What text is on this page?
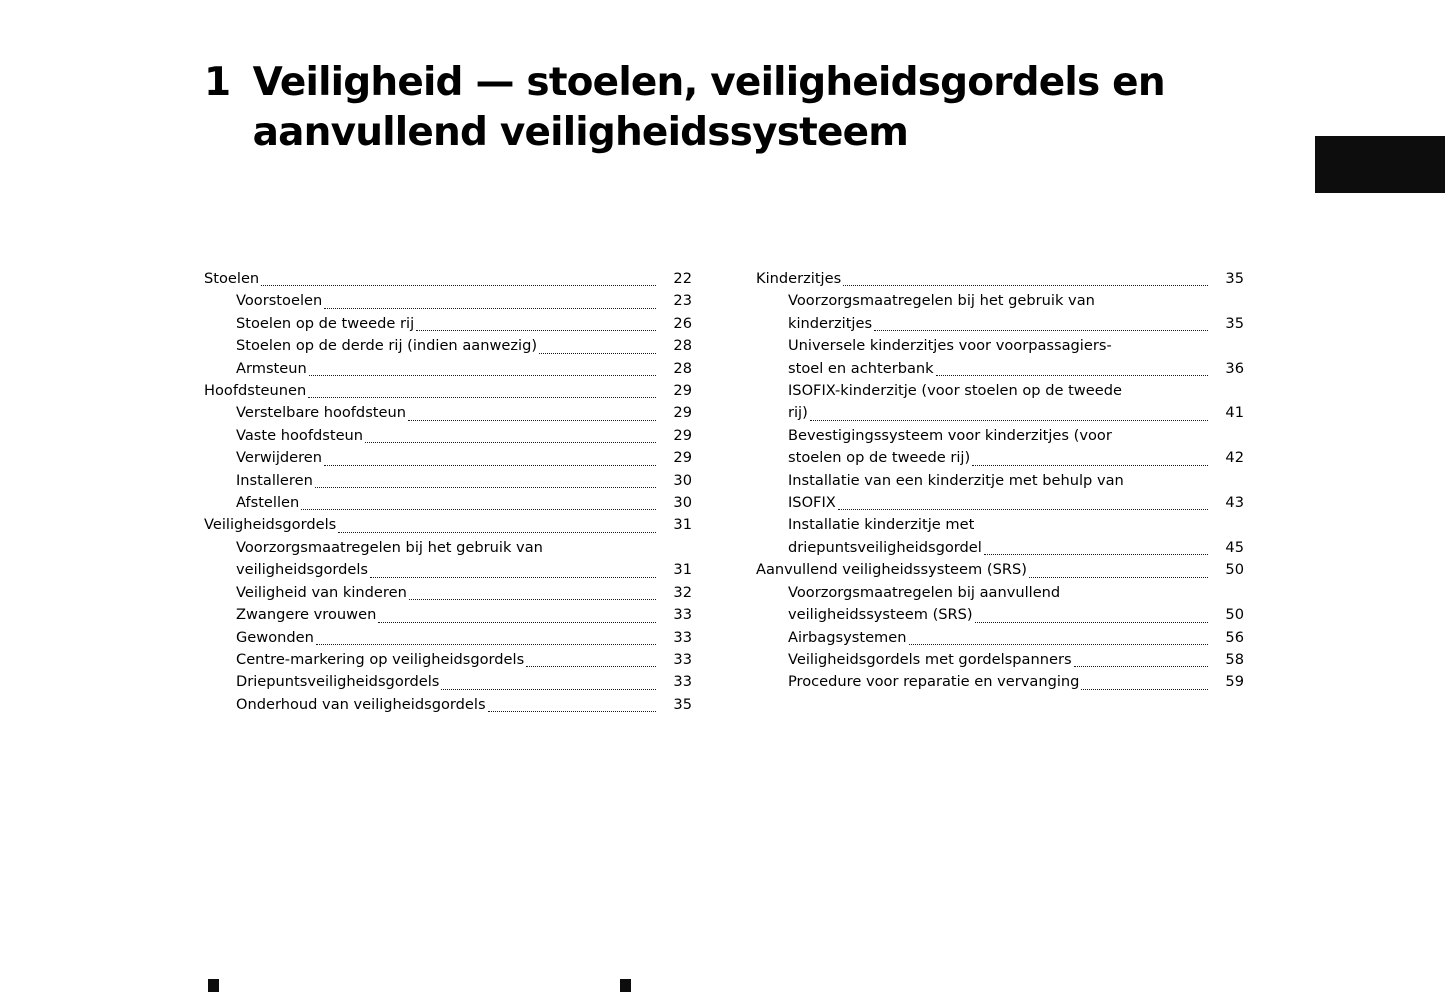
1 Veiligheid — stoelen, veiligheidsgordels en aanvullend veiligheidssysteem
Stoelen	22
Voorstoelen	23
Stoelen op de tweede rij	26
Stoelen op de derde rij (indien aanwezig)	28
Armsteun	28
Hoofdsteunen	29
Verstelbare hoofdsteun	29
Vaste hoofdsteun	29
Verwijderen	29
Installeren	30
Afstellen	30
Veiligheidsgordels	31
Voorzorgsmaatregelen bij het gebruik van
veiligheidsgordels	31
Veiligheid van kinderen	32
Zwangere vrouwen	33
Gewonden	33
Centre-markering op veiligheidsgordels	33
Driepuntsveiligheidsgordels	33
Onderhoud van veiligheidsgordels	35
Kinderzitjes	35
Voorzorgsmaatregelen bij het gebruik van
kinderzitjes	35
Universele kinderzitjes voor voorpassagiers-
stoel en achterbank	36
ISOFIX-kinderzitje (voor stoelen op de tweede
rij)	41
Bevestigingssysteem voor kinderzitjes (voor
stoelen op de tweede rij)	42
Installatie van een kinderzitje met behulp van
ISOFIX	43
Installatie kinderzitje met
driepuntsveiligheidsgordel	45
Aanvullend veiligheidssysteem (SRS)	50
Voorzorgsmaatregelen bij aanvullend
veiligheidssysteem (SRS)	50
Airbagsystemen	56
Veiligheidsgordels met gordelspanners	58
Procedure voor reparatie en vervanging	59
